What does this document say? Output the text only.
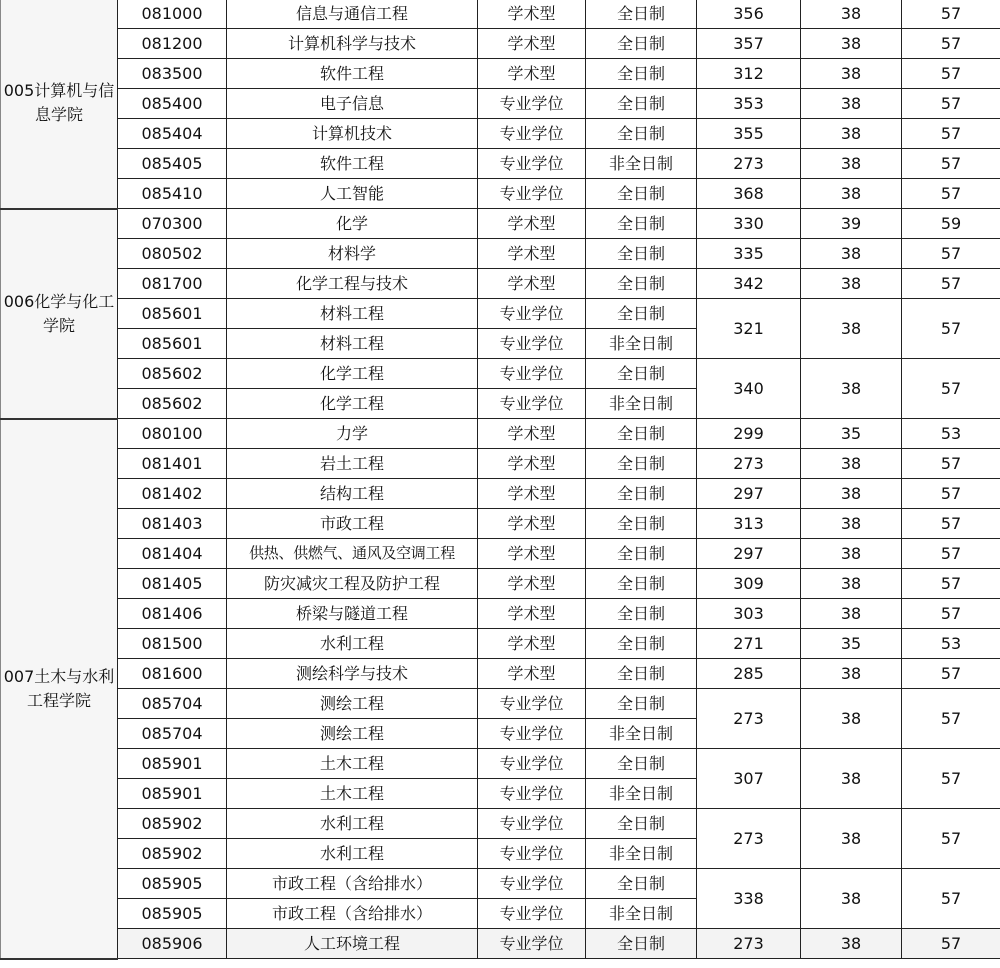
005计算机与信息学院	081000	信息与通信工程	学术型	全日制	356	38	57
	081200	计算机科学与技术	学术型	全日制	357	38	57
	083500	软件工程	学术型	全日制	312	38	57
	085400	电子信息	专业学位	全日制	353	38	57
	085404	计算机技术	专业学位	全日制	355	38	57
	085405	软件工程	专业学位	非全日制	273	38	57
	085410	人工智能	专业学位	全日制	368	38	57
006化学与化工学院	070300	化学	学术型	全日制	330	39	59
	080502	材料学	学术型	全日制	335	38	57
	081700	化学工程与技术	学术型	全日制	342	38	57
	085601	材料工程	专业学位	全日制	321	38	57
	085601	材料工程	专业学位	非全日制			
	085602	化学工程	专业学位	全日制	340	38	57
	085602	化学工程	专业学位	非全日制			
007土木与水利工程学院	080100	力学	学术型	全日制	299	35	53
	081401	岩土工程	学术型	全日制	273	38	57
	081402	结构工程	学术型	全日制	297	38	57
	081403	市政工程	学术型	全日制	313	38	57
	081404	供热、供燃气、通风及空调工程	学术型	全日制	297	38	57
	081405	防灾减灾工程及防护工程	学术型	全日制	309	38	57
	081406	桥梁与隧道工程	学术型	全日制	303	38	57
	081500	水利工程	学术型	全日制	271	35	53
	081600	测绘科学与技术	学术型	全日制	285	38	57
	085704	测绘工程	专业学位	全日制	273	38	57
	085704	测绘工程	专业学位	非全日制			
	085901	土木工程	专业学位	全日制	307	38	57
	085901	土木工程	专业学位	非全日制			
	085902	水利工程	专业学位	全日制	273	38	57
	085902	水利工程	专业学位	非全日制			
	085905	市政工程（含给排水）	专业学位	全日制	338	38	57
	085905	市政工程（含给排水）	专业学位	非全日制			
	085906	人工环境工程	专业学位	全日制	273	38	57
